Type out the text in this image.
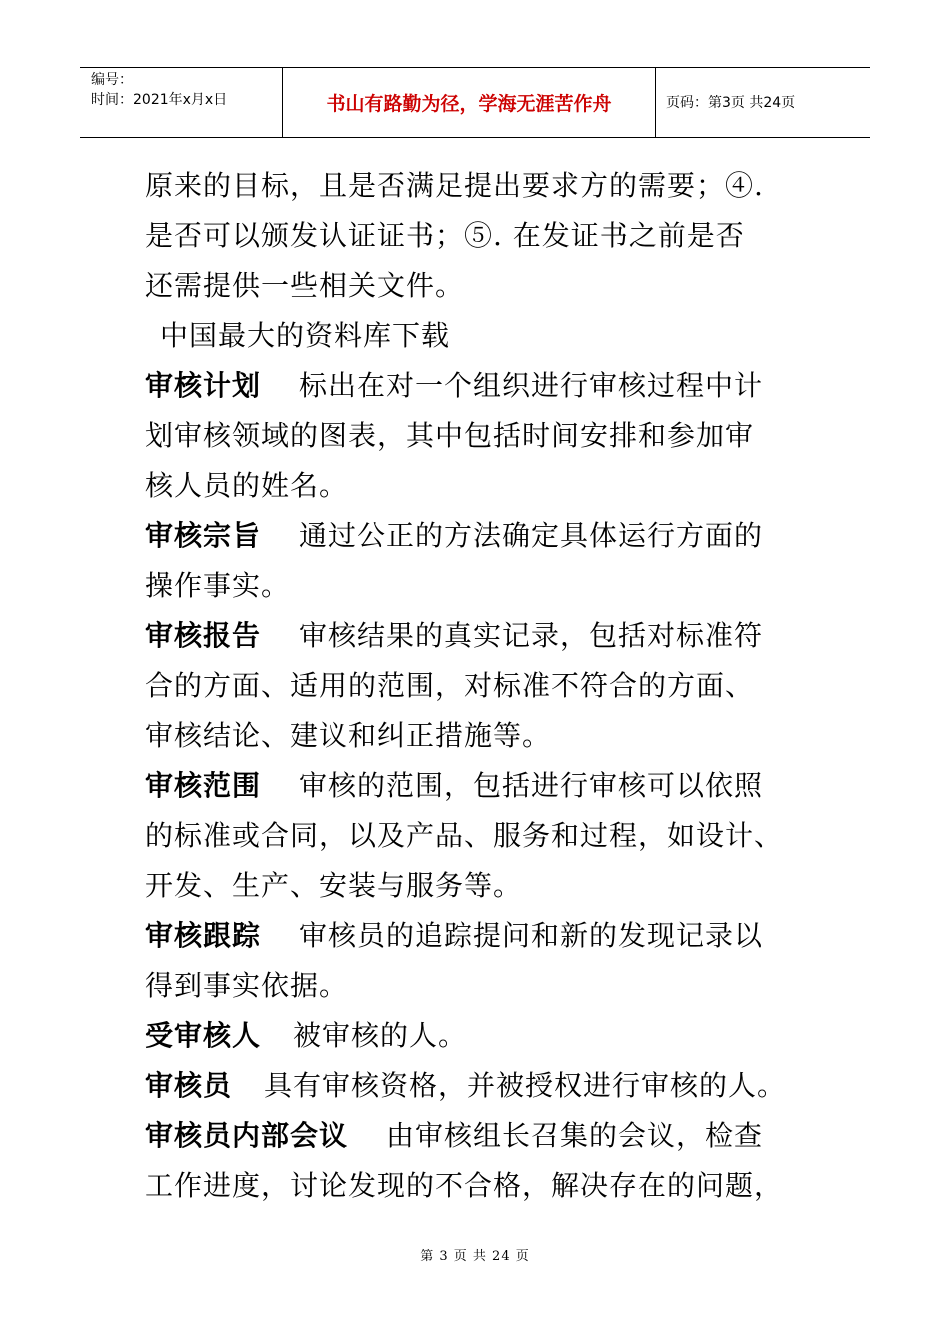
编号：
时间：2021年x月x日	书山有路勤为径，学海无涯苦作舟	页码：第3页 共24页
原来的目标，且是否满足提出要求方的需要；④.
是否可以颁发认证证书；⑤. 在发证书之前是否
还需提供一些相关文件。
中国最大的资料库下载
审核计划 标出在对一个组织进行审核过程中计
划审核领域的图表，其中包括时间安排和参加审
核人员的姓名。
审核宗旨 通过公正的方法确定具体运行方面的
操作事实。
审核报告 审核结果的真实记录，包括对标准符
合的方面、适用的范围，对标准不符合的方面、
审核结论、建议和纠正措施等。
审核范围 审核的范围，包括进行审核可以依照
的标准或合同，以及产品、服务和过程，如设计、
开发、生产、安装与服务等。
审核跟踪 审核员的追踪提问和新的发现记录以
得到事实依据。
受审核人 被审核的人。
审核员 具有审核资格，并被授权进行审核的人。
审核员内部会议 由审核组长召集的会议，检查
工作进度，讨论发现的不合格，解决存在的问题，
第 3 页 共 24 页
